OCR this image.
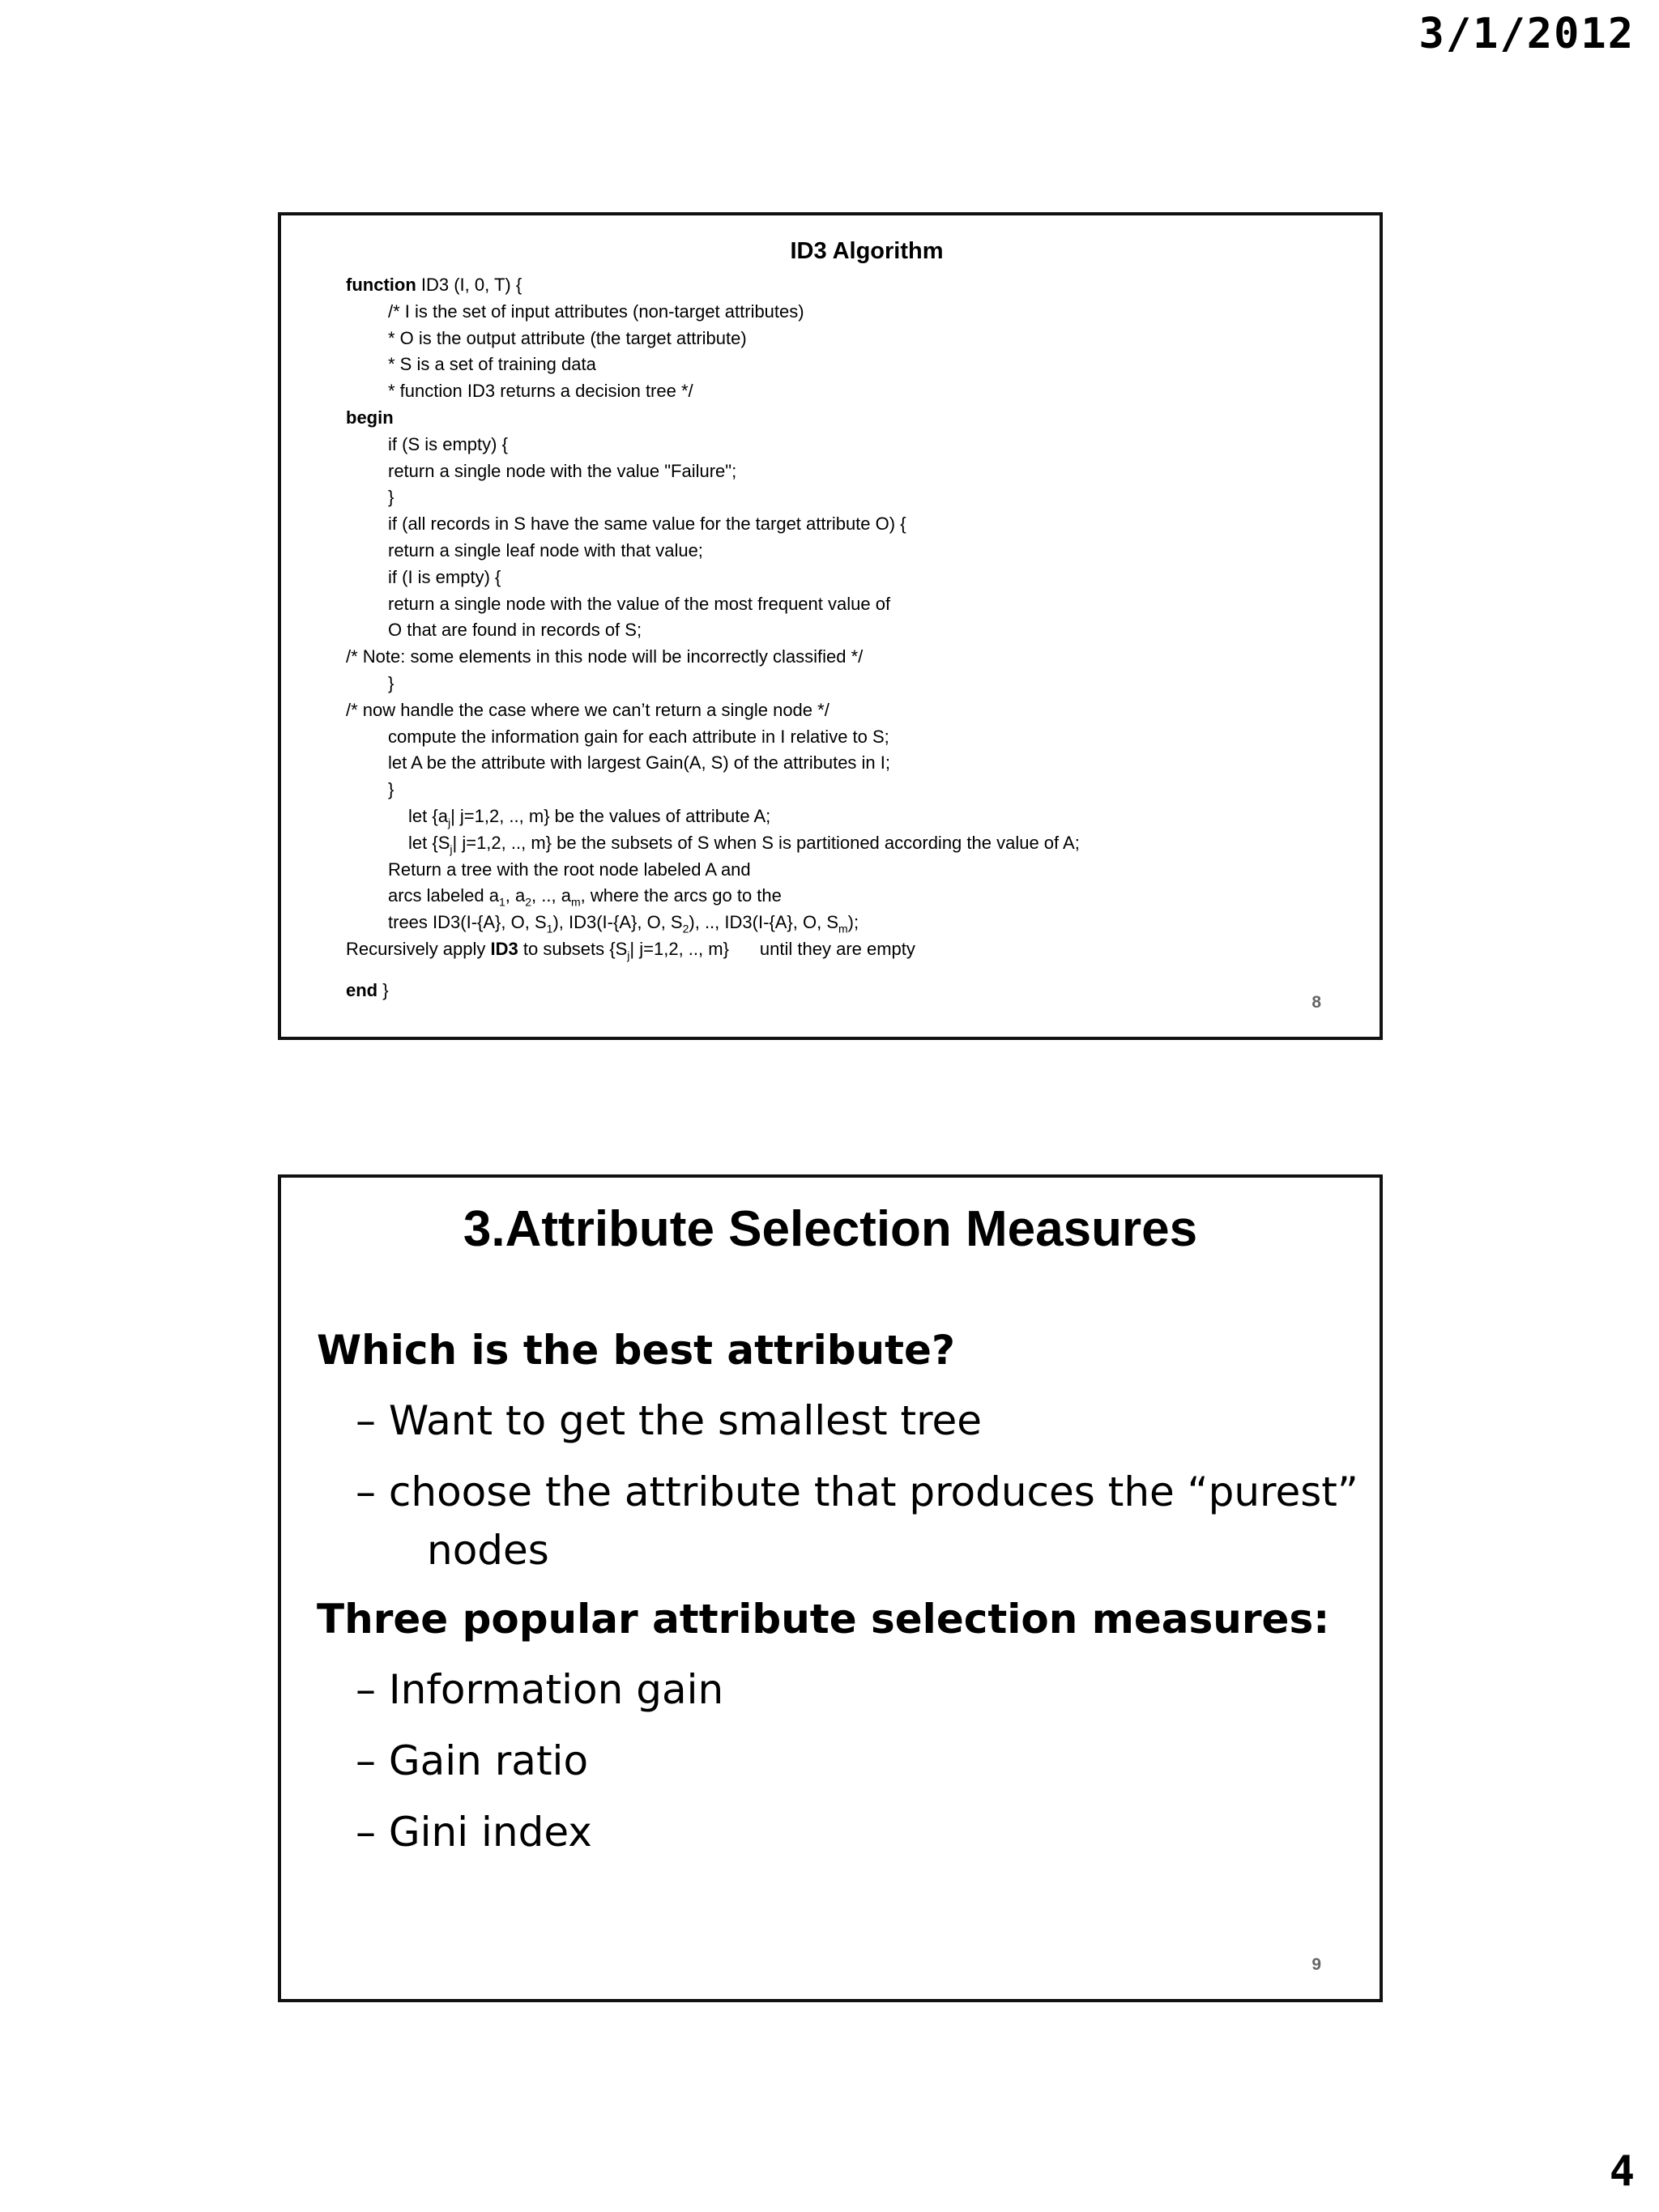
3/1/2012
ID3 Algorithm
function ID3 (I, 0, T) {
/* I is the set of input attributes (non-target attributes)
* O is the output attribute (the target attribute)
* S is a set of training data
* function ID3 returns a decision tree */
begin
if (S is empty) {
return a single node with the value "Failure";
}
if (all records in S have the same value for the target attribute O) {
return a single leaf node with that value;
if (I is empty) {
return a single node with the value of the most frequent value of
O that are found in records of S;
/* Note: some elements in this node will be incorrectly classified */
}
/* now handle the case where we can’t return a single node */
compute the information gain for each attribute in I relative to S;
let A be the attribute with largest Gain(A, S) of the attributes in I;
}
let {$a_j|$ j=1,2, .., m} be the values of attribute A;
let {$S_j|$ j=1,2, .., m} be the subsets of S when S is partitioned according the value of A;
Return a tree with the root node labeled A and
arcs labeled $a_1$, $a_2$, .., $a_m$, where the arcs go to the
trees ID3(I-{A}, O, $S_1$), ID3(I-{A}, O, $S_2$), .., ID3(I-{A}, O, $S_m$);
Recursively apply ID3 to subsets {$S_j|$ j=1,2, .., m} until they are empty
end }
8
3.Attribute Selection Measures
Which is the best attribute?
– Want to get the smallest tree
– choose the attribute that produces the “purest”
nodes
Three popular attribute selection measures:
– Information gain
– Gain ratio
– Gini index
9
4
